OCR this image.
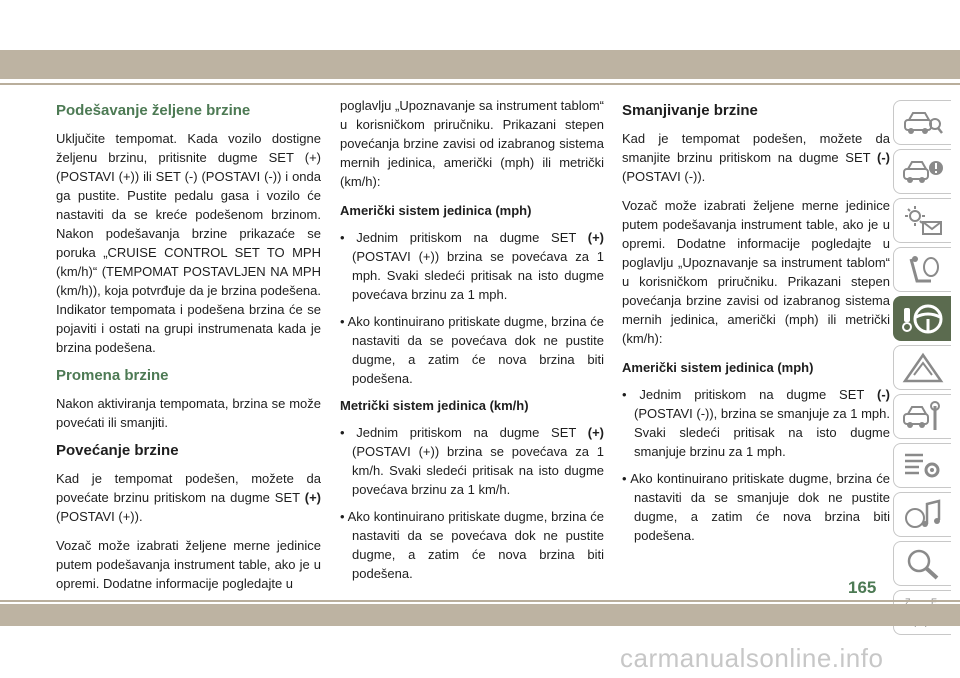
Podešavanje željene brzine

Uključite tempomat. Kada vozilo dostigne željenu brzinu, pritisnite dugme SET (+) (POSTAVI (+)) ili SET (-) (POSTAVI (-)) i onda ga pustite. Pustite pedalu gasa i vozilo će nastaviti da se kreće podešenom brzinom. Nakon podešavanja brzine prikazaće se poruka „CRUISE CONTROL SET TO MPH (km/h)“ (TEMPOMAT POSTAVLJEN NA MPH (km/h)), koja potvrđuje da je brzina podešena. Indikator tempomata i podešena brzina će se pojaviti i ostati na grupi instrumenata kada je brzina podešena.

Promena brzine

Nakon aktiviranja tempomata, brzina se može povećati ili smanjiti.

Povećanje brzine

Kad je tempomat podešen, možete da povećate brzinu pritiskom na dugme SET (+) (POSTAVI (+)).

Vozač može izabrati željene merne jedinice putem podešavanja instrument table, ako je u opremi. Dodatne informacije pogledajte u

poglavlju „Upoznavanje sa instrument tablom“ u korisničkom priručniku. Prikazani stepen povećanja brzine zavisi od izabranog sistema mernih jedinica, američki (mph) ili metrički (km/h):

Američki sistem jedinica (mph)

• Jednim pritiskom na dugme SET (+) (POSTAVI (+)) brzina se povećava za 1 mph. Svaki sledeći pritisak na isto dugme povećava brzinu za 1 mph.
• Ako kontinuirano pritiskate dugme, brzina će nastaviti da se povećava dok ne pustite dugme, a zatim će nova brzina biti podešena.

Metrički sistem jedinica (km/h)

• Jednim pritiskom na dugme SET (+) (POSTAVI (+)) brzina se povećava za 1 km/h. Svaki sledeći pritisak na isto dugme povećava brzinu za 1 km/h.
• Ako kontinuirano pritiskate dugme, brzina će nastaviti da se povećava dok ne pustite dugme, a zatim će nova brzina biti podešena.
Smanjivanje brzine

Kad je tempomat podešen, možete da smanjite brzinu pritiskom na dugme SET (-) (POSTAVI (-)).

Vozač može izabrati željene merne jedinice putem podešavanja instrument table, ako je u opremi. Dodatne informacije pogledajte u poglavlju „Upoznavanje sa instrument tablom“ u korisničkom priručniku. Prikazani stepen povećanja brzine zavisi od izabranog sistema mernih jedinica, američki (mph) ili metrički (km/h):

Američki sistem jedinica (mph)

• Jednim pritiskom na dugme SET (-) (POSTAVI (-)), brzina se smanjuje za 1 mph. Svaki sledeći pritisak na isto dugme smanjuje brzinu za 1 mph.
• Ako kontinuirano pritiskate dugme, brzina će nastaviti da se smanjuje dok ne pustite dugme, a zatim će nova brzina biti podešena.
165
carmanualsonline.info
